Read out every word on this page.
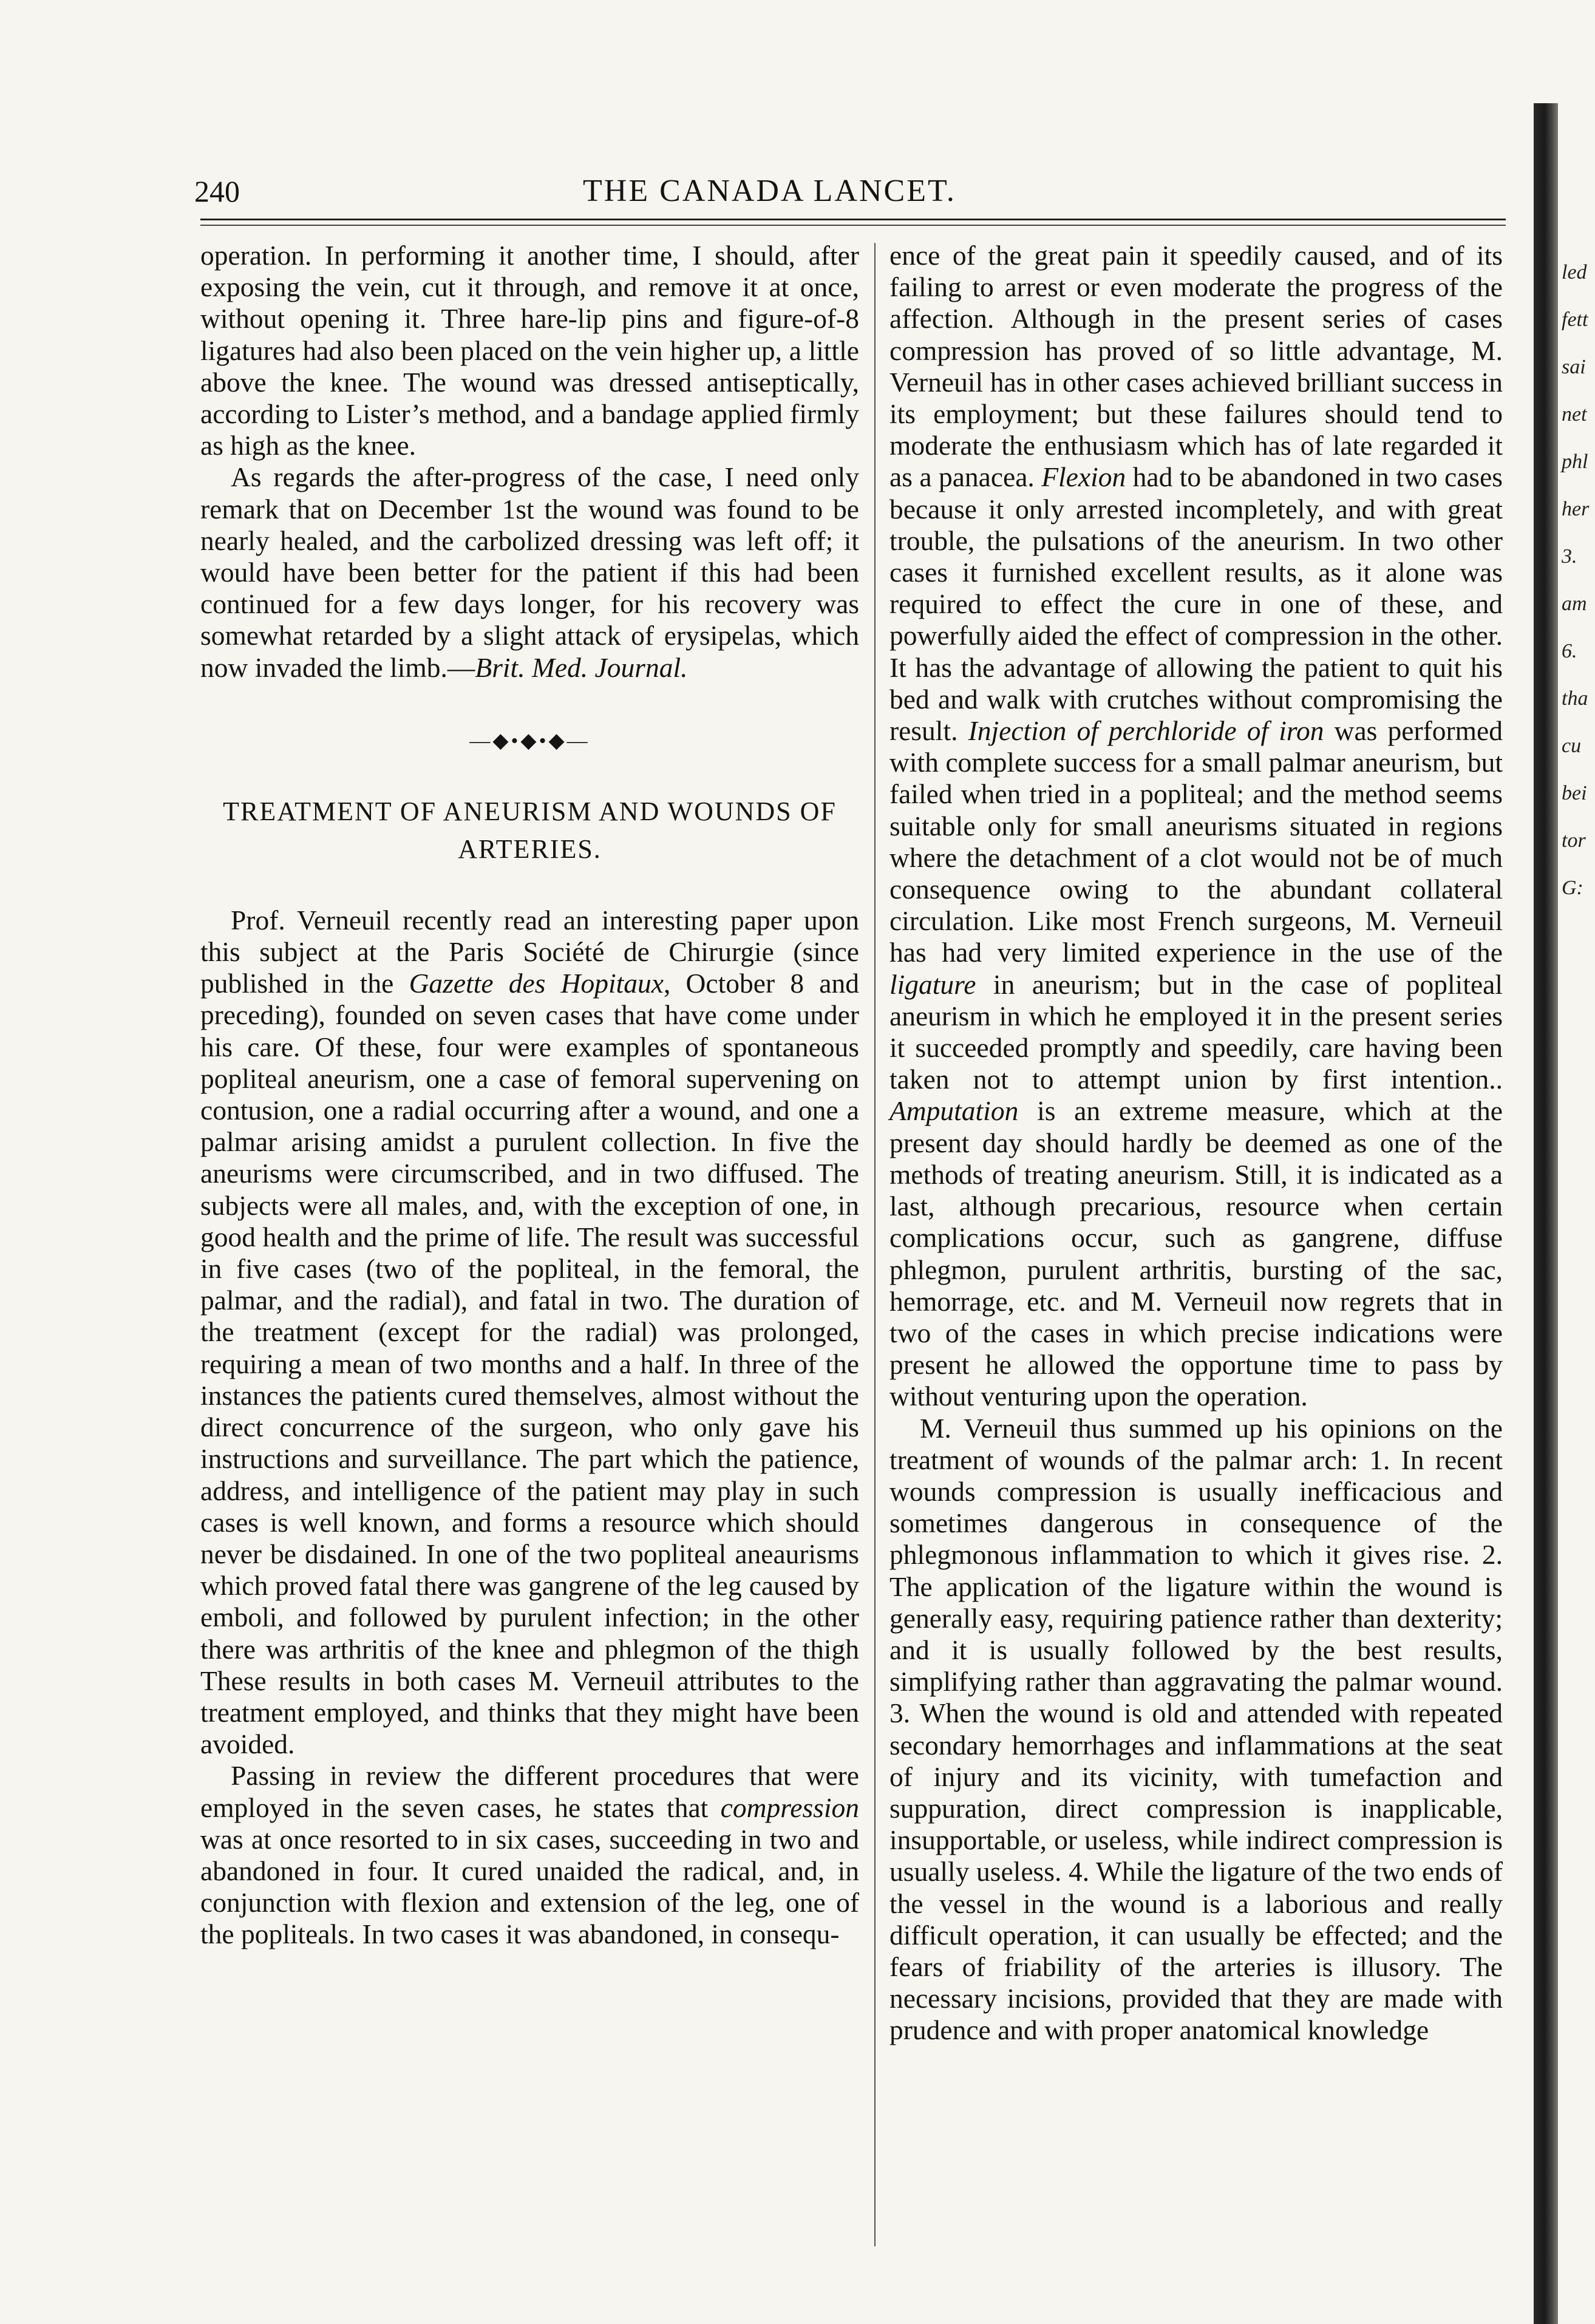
240	THE CANADA LANCET.

operation. In performing it another time, I should, after exposing the vein, cut it through, and remove it at once, without opening it. Three hare-lip pins and figure-of-8 ligatures had also been placed on the vein higher up, a little above the knee. The wound was dressed antiseptically, according to Lister’s method, and a bandage applied firmly as high as the knee.

As regards the after-progress of the case, I need only remark that on December 1st the wound was found to be nearly healed, and the carbolized dressing was left off; it would have been better for the patient if this had been continued for a few days longer, for his recovery was somewhat retarded by a slight attack of erysipelas, which now invaded the limb.—Brit. Med. Journal.

—◆•◆•◆—

TREATMENT OF ANEURISM AND WOUNDS OF ARTERIES.

Prof. Verneuil recently read an interesting paper upon this subject at the Paris Société de Chirurgie (since published in the Gazette des Hopitaux, October 8 and preceding), founded on seven cases that have come under his care. Of these, four were examples of spontaneous popliteal aneurism, one a case of femoral supervening on contusion, one a radial occurring after a wound, and one a palmar arising amidst a purulent collection. In five the aneurisms were circumscribed, and in two diffused. The subjects were all males, and, with the exception of one, in good health and the prime of life. The result was successful in five cases (two of the popliteal, in the femoral, the palmar, and the radial), and fatal in two. The duration of the treatment (except for the radial) was prolonged, requiring a mean of two months and a half. In three of the instances the patients cured themselves, almost without the direct concurrence of the surgeon, who only gave his instructions and surveillance. The part which the patience, address, and intelligence of the patient may play in such cases is well known, and forms a resource which should never be disdained. In one of the two popliteal aneaurisms which proved fatal there was gangrene of the leg caused by emboli, and followed by purulent infection; in the other there was arthritis of the knee and phlegmon of the thigh These results in both cases M. Verneuil attributes to the treatment employed, and thinks that they might have been avoided.

Passing in review the different procedures that were employed in the seven cases, he states that compression was at once resorted to in six cases, succeeding in two and abandoned in four. It cured unaided the radical, and, in conjunction with flexion and extension of the leg, one of the popliteals. In two cases it was abandoned, in consequ-

ence of the great pain it speedily caused, and of its failing to arrest or even moderate the progress of the affection. Although in the present series of cases compression has proved of so little advantage, M. Verneuil has in other cases achieved brilliant success in its employment; but these failures should tend to moderate the enthusiasm which has of late regarded it as a panacea. Flexion had to be abandoned in two cases because it only arrested incompletely, and with great trouble, the pulsations of the aneurism. In two other cases it furnished excellent results, as it alone was required to effect the cure in one of these, and powerfully aided the effect of compression in the other. It has the advantage of allowing the patient to quit his bed and walk with crutches without compromising the result. Injection of perchloride of iron was performed with complete success for a small palmar aneurism, but failed when tried in a popliteal; and the method seems suitable only for small aneurisms situated in regions where the detachment of a clot would not be of much consequence owing to the abundant collateral circulation. Like most French surgeons, M. Verneuil has had very limited experience in the use of the ligature in aneurism; but in the case of popliteal aneurism in which he employed it in the present series it succeeded promptly and speedily, care having been taken not to attempt union by first intention.. Amputation is an extreme measure, which at the present day should hardly be deemed as one of the methods of treating aneurism. Still, it is indicated as a last, although precarious, resource when certain complications occur, such as gangrene, diffuse phlegmon, purulent arthritis, bursting of the sac, hemorrage, etc. and M. Verneuil now regrets that in two of the cases in which precise indications were present he allowed the opportune time to pass by without venturing upon the operation.

M. Verneuil thus summed up his opinions on the treatment of wounds of the palmar arch: 1. In recent wounds compression is usually inefficacious and sometimes dangerous in consequence of the phlegmonous inflammation to which it gives rise. 2. The application of the ligature within the wound is generally easy, requiring patience rather than dexterity; and it is usually followed by the best results, simplifying rather than aggravating the palmar wound. 3. When the wound is old and attended with repeated secondary hemorrhages and inflammations at the seat of injury and its vicinity, with tumefaction and suppuration, direct compression is inapplicable, insupportable, or useless, while indirect compression is usually useless. 4. While the ligature of the two ends of the vessel in the wound is a laborious and really difficult operation, it can usually be effected; and the fears of friability of the arteries is illusory. The necessary incisions, provided that they are made with prudence and with proper anatomical knowledge

led
fett
sai
net
phl
her
3.
am
6.
tha
cu
bei
tor
G:
